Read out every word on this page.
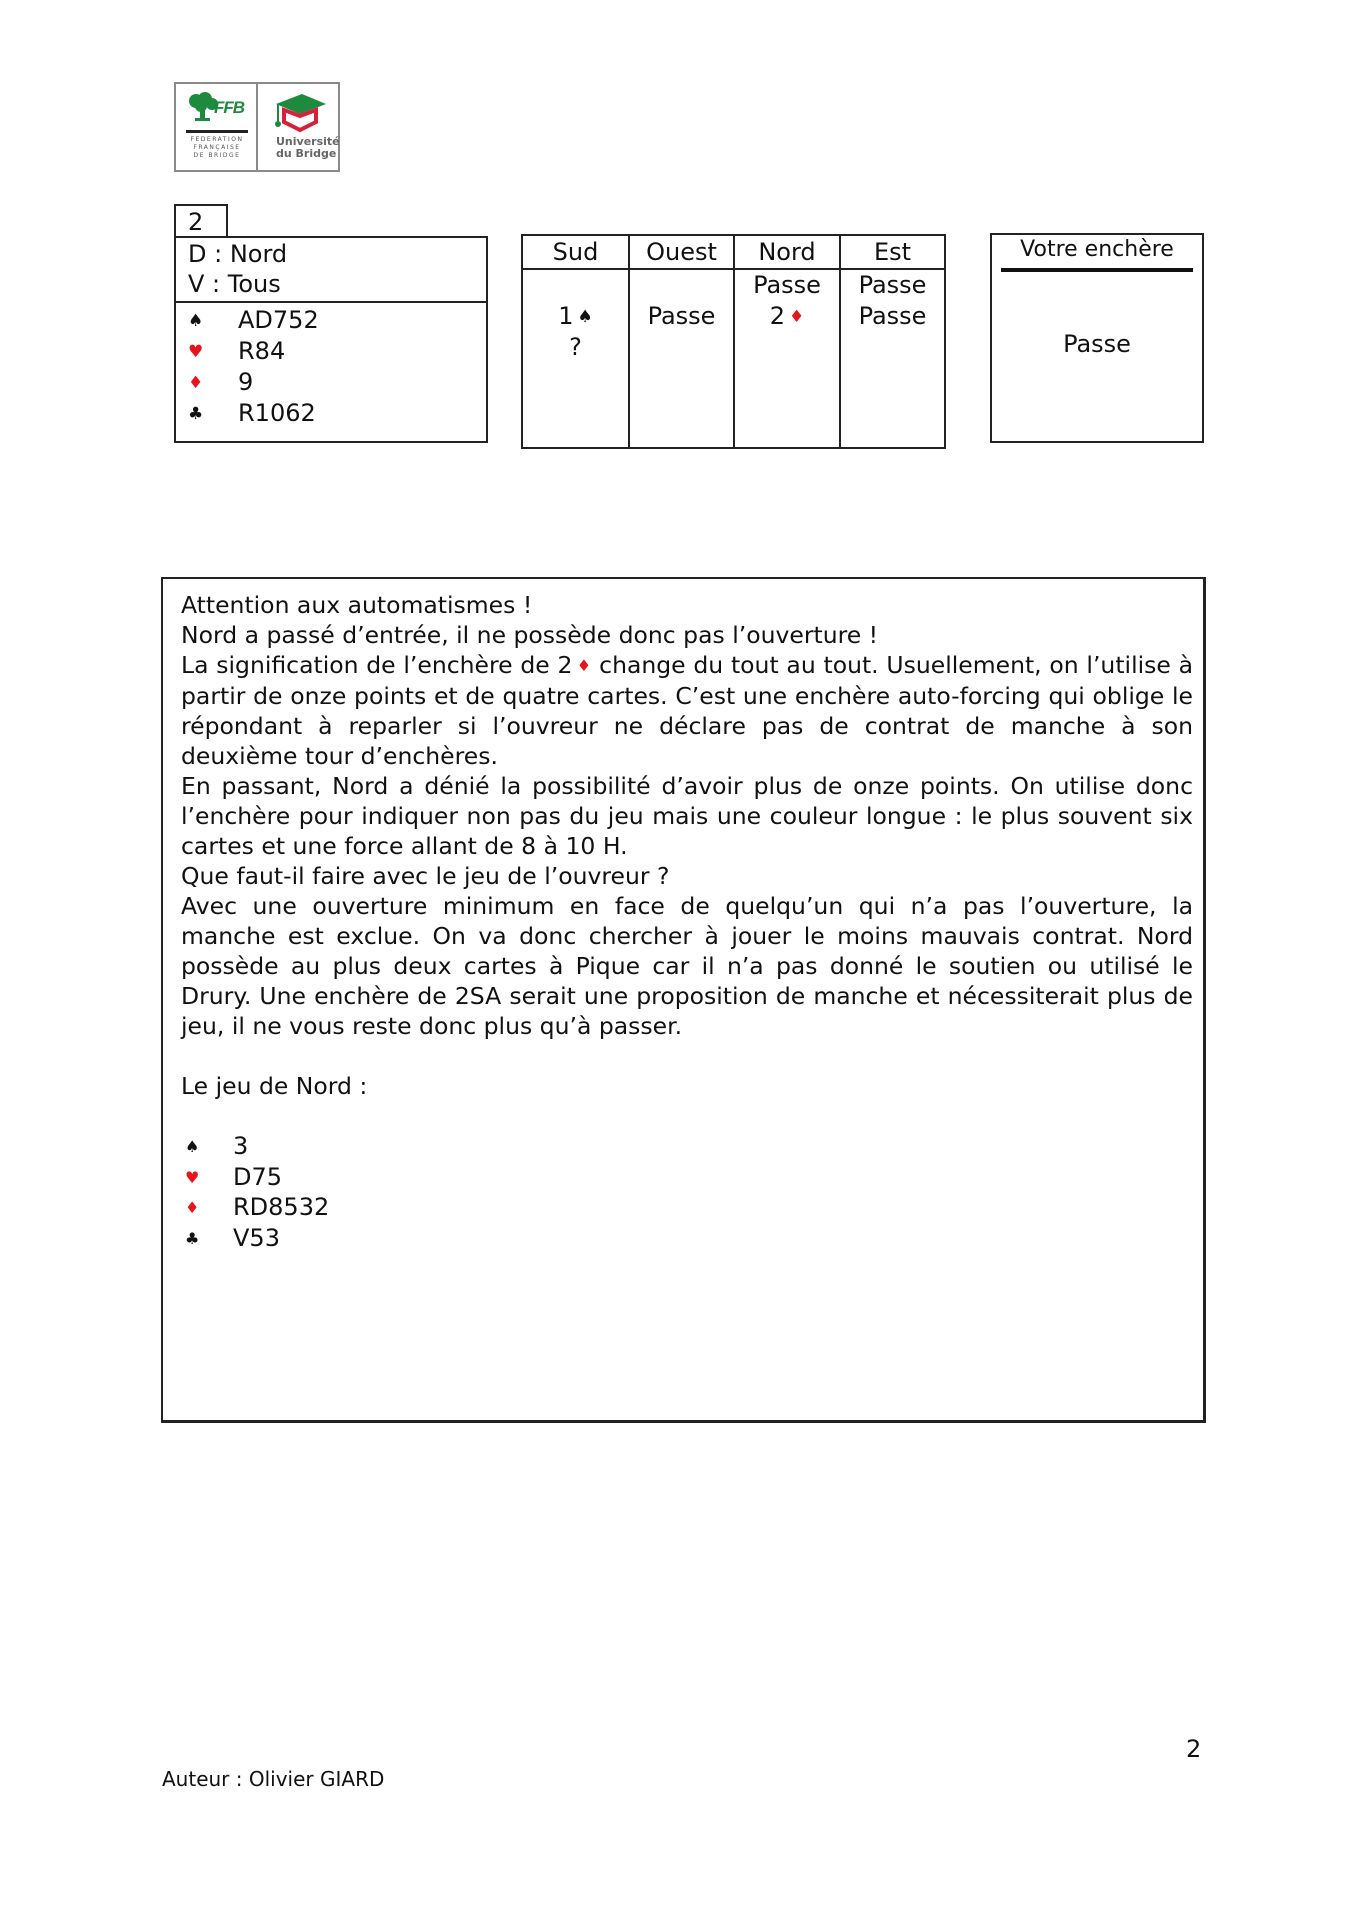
FFB
FEDERATION
FRANÇAISE
DE BRIDGE
Université
du Bridge
2
D : Nord
V : Tous
♠ AD752
♥ R84
♦ 9
♣ R1062
Sud
1 ♠
?
Ouest
Passe
Nord
Passe
2 ♦
Est
Passe
Passe
Votre enchère
Passe

Attention aux automatismes !

Nord a passé d’entrée, il ne possède donc pas l’ouverture !

La signification de l’enchère de 2 ♦ change du tout au tout. Usuellement, on l’utilise à partir de onze points et de quatre cartes. C’est une enchère auto-forcing qui oblige le répondant à reparler si l’ouvreur ne déclare pas de contrat de manche à son deuxième tour d’enchères.

En passant, Nord a dénié la possibilité d’avoir plus de onze points. On utilise donc l’enchère pour indiquer non pas du jeu mais une couleur longue : le plus souvent six cartes et une force allant de 8 à 10 H.

Que faut-il faire avec le jeu de l’ouvreur ?

Avec une ouverture minimum en face de quelqu’un qui n’a pas l’ouverture, la manche est exclue. On va donc chercher à jouer le moins mauvais contrat. Nord possède au plus deux cartes à Pique car il n’a pas donné le soutien ou utilisé le Drury. Une enchère de 2SA serait une proposition de manche et nécessiterait plus de jeu, il ne vous reste donc plus qu’à passer.

Le jeu de Nord :

♠ 3
♥ D75
♦ RD8532
♣ V53
2
Auteur : Olivier GIARD
